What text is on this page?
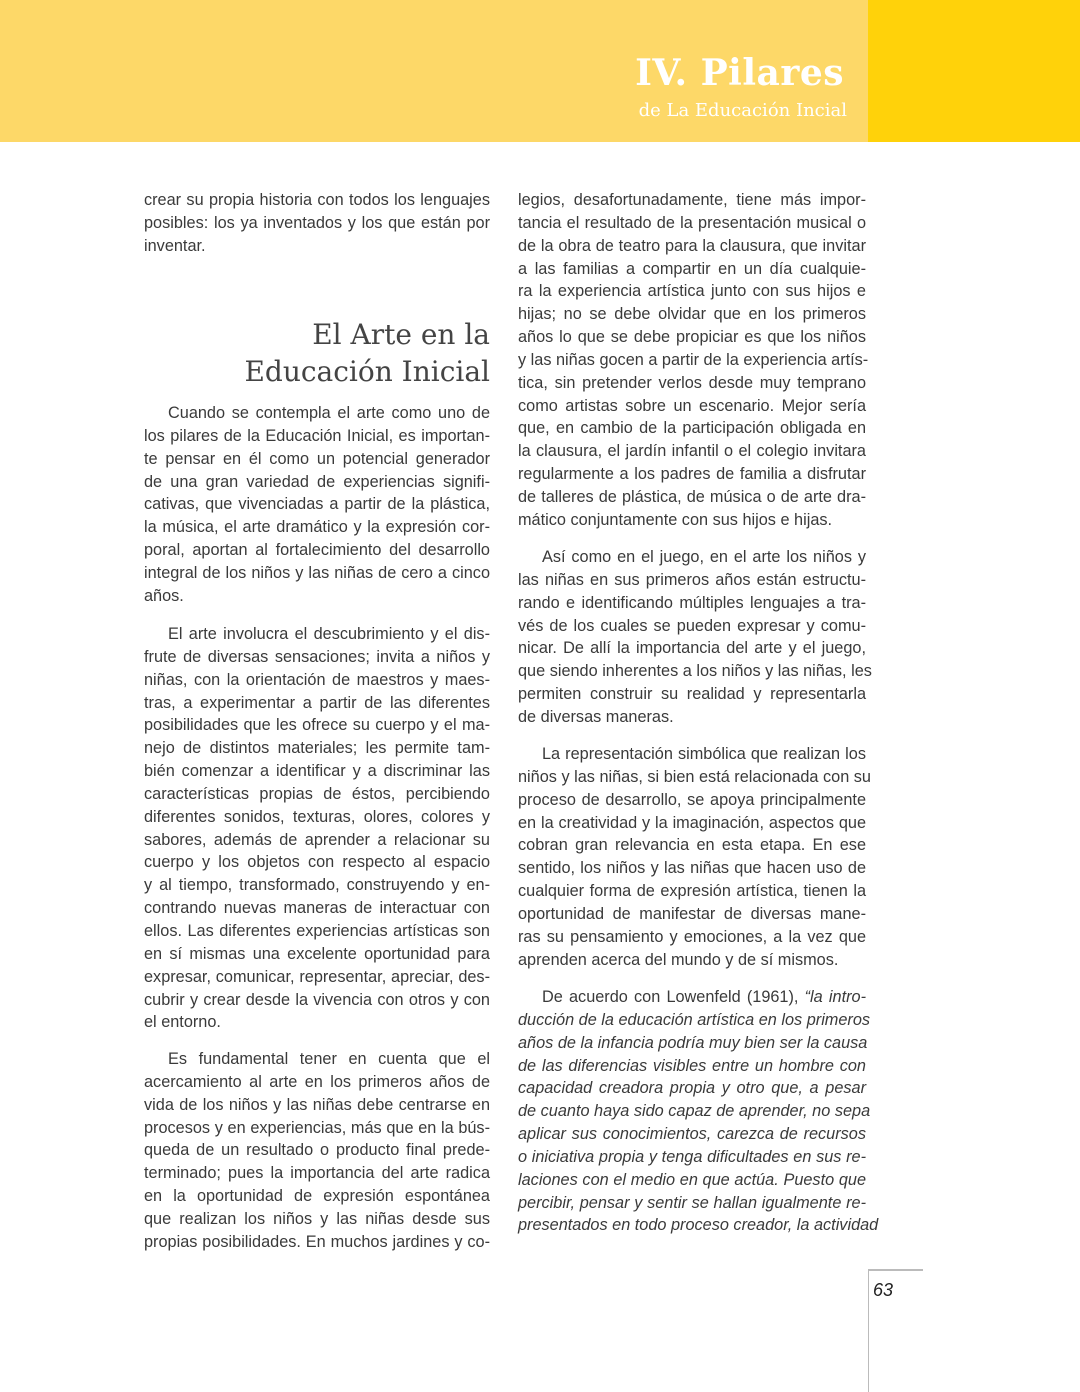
IV. Pilares
de La Educación Incial
El Arte en la
Educación Inicial
crear su propia historia con todos los lenguajes
posibles: los ya inventados y los que están por
inventar.
Cuando se contempla el arte como uno de
los pilares de la Educación Inicial, es importan-
te pensar en él como un potencial generador
de una gran variedad de experiencias signifi-
cativas, que vivenciadas a partir de la plástica,
la música, el arte dramático y la expresión cor-
poral, aportan al fortalecimiento del desarrollo
integral de los niños y las niñas de cero a cinco
años.
El arte involucra el descubrimiento y el dis-
frute de diversas sensaciones; invita a niños y
niñas, con la orientación de maestros y maes-
tras, a experimentar a partir de las diferentes
posibilidades que les ofrece su cuerpo y el ma-
nejo de distintos materiales; les permite tam-
bién comenzar a identificar y a discriminar las
características propias de éstos, percibiendo
diferentes sonidos, texturas, olores, colores y
sabores, además de aprender a relacionar su
cuerpo y los objetos con respecto al espacio
y al tiempo, transformado, construyendo y en-
contrando nuevas maneras de interactuar con
ellos. Las diferentes experiencias artísticas son
en sí mismas una excelente oportunidad para
expresar, comunicar, representar, apreciar, des-
cubrir y crear desde la vivencia con otros y con
el entorno.
Es fundamental tener en cuenta que el
acercamiento al arte en los primeros años de
vida de los niños y las niñas debe centrarse en
procesos y en experiencias, más que en la bús-
queda de un resultado o producto final prede-
terminado; pues la importancia del arte radica
en la oportunidad de expresión espontánea
que realizan los niños y las niñas desde sus
propias posibilidades. En muchos jardines y co-
legios, desafortunadamente, tiene más impor-
tancia el resultado de la presentación musical o
de la obra de teatro para la clausura, que invitar
a las familias a compartir en un día cualquie-
ra la experiencia artística junto con sus hijos e
hijas; no se debe olvidar que en los primeros
años lo que se debe propiciar es que los niños
y las niñas gocen a partir de la experiencia artís-
tica, sin pretender verlos desde muy temprano
como artistas sobre un escenario. Mejor sería
que, en cambio de la participación obligada en
la clausura, el jardín infantil o el colegio invitara
regularmente a los padres de familia a disfrutar
de talleres de plástica, de música o de arte dra-
mático conjuntamente con sus hijos e hijas.
Así como en el juego, en el arte los niños y
las niñas en sus primeros años están estructu-
rando e identificando múltiples lenguajes a tra-
vés de los cuales se pueden expresar y comu-
nicar. De allí la importancia del arte y el juego,
que siendo inherentes a los niños y las niñas, les
permiten construir su realidad y representarla
de diversas maneras.
La representación simbólica que realizan los
niños y las niñas, si bien está relacionada con su
proceso de desarrollo, se apoya principalmente
en la creatividad y la imaginación, aspectos que
cobran gran relevancia en esta etapa. En ese
sentido, los niños y las niñas que hacen uso de
cualquier forma de expresión artística, tienen la
oportunidad de manifestar de diversas mane-
ras su pensamiento y emociones, a la vez que
aprenden acerca del mundo y de sí mismos.
De acuerdo con Lowenfeld (1961), “la intro-
ducción de la educación artística en los primeros
años de la infancia podría muy bien ser la causa
de las diferencias visibles entre un hombre con
capacidad creadora propia y otro que, a pesar
de cuanto haya sido capaz de aprender, no sepa
aplicar sus conocimientos, carezca de recursos
o iniciativa propia y tenga dificultades en sus re-
laciones con el medio en que actúa. Puesto que
percibir, pensar y sentir se hallan igualmente re-
presentados en todo proceso creador, la actividad
63
